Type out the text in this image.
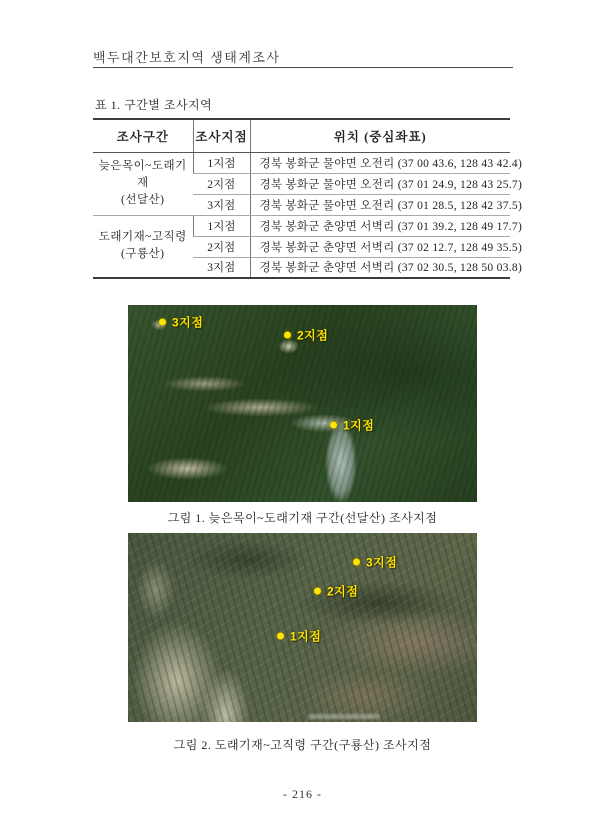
백두대간보호지역 생태계조사
표 1. 구간별 조사지역
조사구간	조사지점	위치 (중심좌표)

늦은목이~도래기재
(선달산)	1지점	경북 봉화군 물야면 오전리 (37 00 43.6, 128 43 42.4)
	2지점	경북 봉화군 물야면 오전리 (37 01 24.9, 128 43 25.7)
	3지점	경북 봉화군 물야면 오전리 (37 01 28.5, 128 42 37.5)

도래기재~고직령
(구룡산)	1지점	경북 봉화군 춘양면 서벽리 (37 01 39.2, 128 49 17.7)
	2지점	경북 봉화군 춘양면 서벽리 (37 02 12.7, 128 49 35.5)
	3지점	경북 봉화군 춘양면 서벽리 (37 02 30.5, 128 50 03.8)
3지점
2지점
1지점
그림 1. 늦은목이~도래기재 구간(선달산) 조사지점
3지점
2지점
1지점
그림 2. 도래기재~고직령 구간(구룡산) 조사지점
- 216 -
